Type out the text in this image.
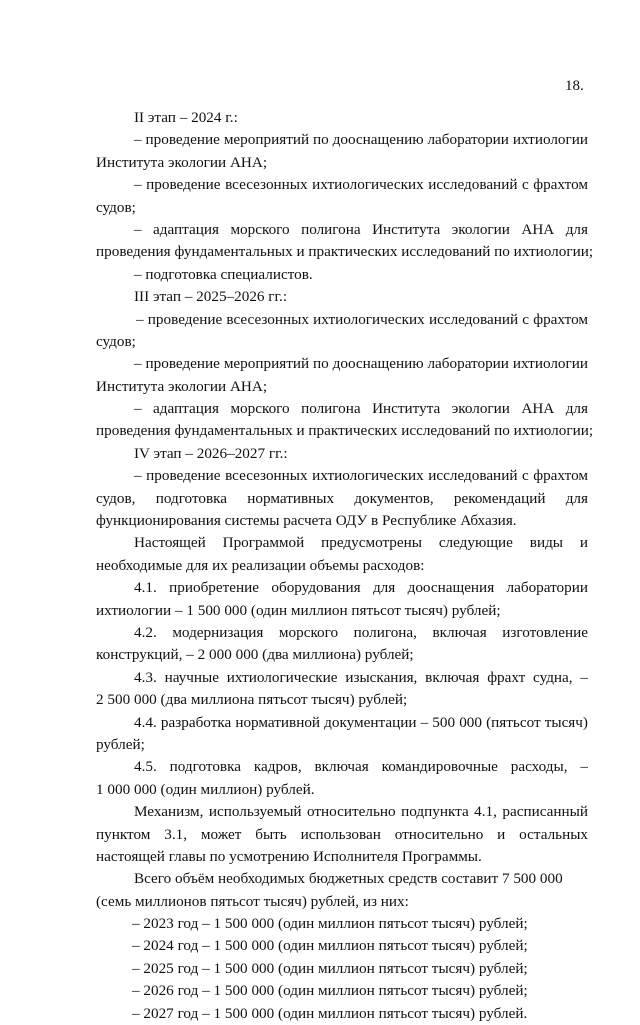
18.
II этап – 2024 г.:
– проведение мероприятий по дооснащению лаборатории ихтиологии
Института экологии АНА;
– проведение всесезонных ихтиологических исследований с фрахтом
судов;
– адаптация морского полигона Института экологии АНА для
проведения фундаментальных и практических исследований по ихтиологии;
– подготовка специалистов.
III этап – 2025–2026 гг.:
– проведение всесезонных ихтиологических исследований с фрахтом
судов;
– проведение мероприятий по дооснащению лаборатории ихтиологии
Института экологии АНА;
– адаптация морского полигона Института экологии АНА для
проведения фундаментальных и практических исследований по ихтиологии;
IV этап – 2026–2027 гг.:
– проведение всесезонных ихтиологических исследований с фрахтом
судов, подготовка нормативных документов, рекомендаций для
функционирования системы расчета ОДУ в Республике Абхазия.
Настоящей Программой предусмотрены следующие виды и
необходимые для их реализации объемы расходов:
4.1. приобретение оборудования для дооснащения лаборатории
ихтиологии – 1 500 000 (один миллион пятьсот тысяч) рублей;
4.2. модернизация морского полигона, включая изготовление
конструкций, – 2 000 000 (два миллиона) рублей;
4.3. научные ихтиологические изыскания, включая фрахт судна, –
2 500 000 (два миллиона пятьсот тысяч) рублей;
4.4. разработка нормативной документации – 500 000 (пятьсот тысяч)
рублей;
4.5. подготовка кадров, включая командировочные расходы, –
1 000 000 (один миллион) рублей.
Механизм, используемый относительно подпункта 4.1, расписанный
пунктом 3.1, может быть использован относительно и остальных
настоящей главы по усмотрению Исполнителя Программы.
Всего объём необходимых бюджетных средств составит 7 500 000
(семь миллионов пятьсот тысяч) рублей, из них:
– 2023 год – 1 500 000 (один миллион пятьсот тысяч) рублей;
– 2024 год – 1 500 000 (один миллион пятьсот тысяч) рублей;
– 2025 год – 1 500 000 (один миллион пятьсот тысяч) рублей;
– 2026 год – 1 500 000 (один миллион пятьсот тысяч) рублей;
– 2027 год – 1 500 000 (один миллион пятьсот тысяч) рублей.
